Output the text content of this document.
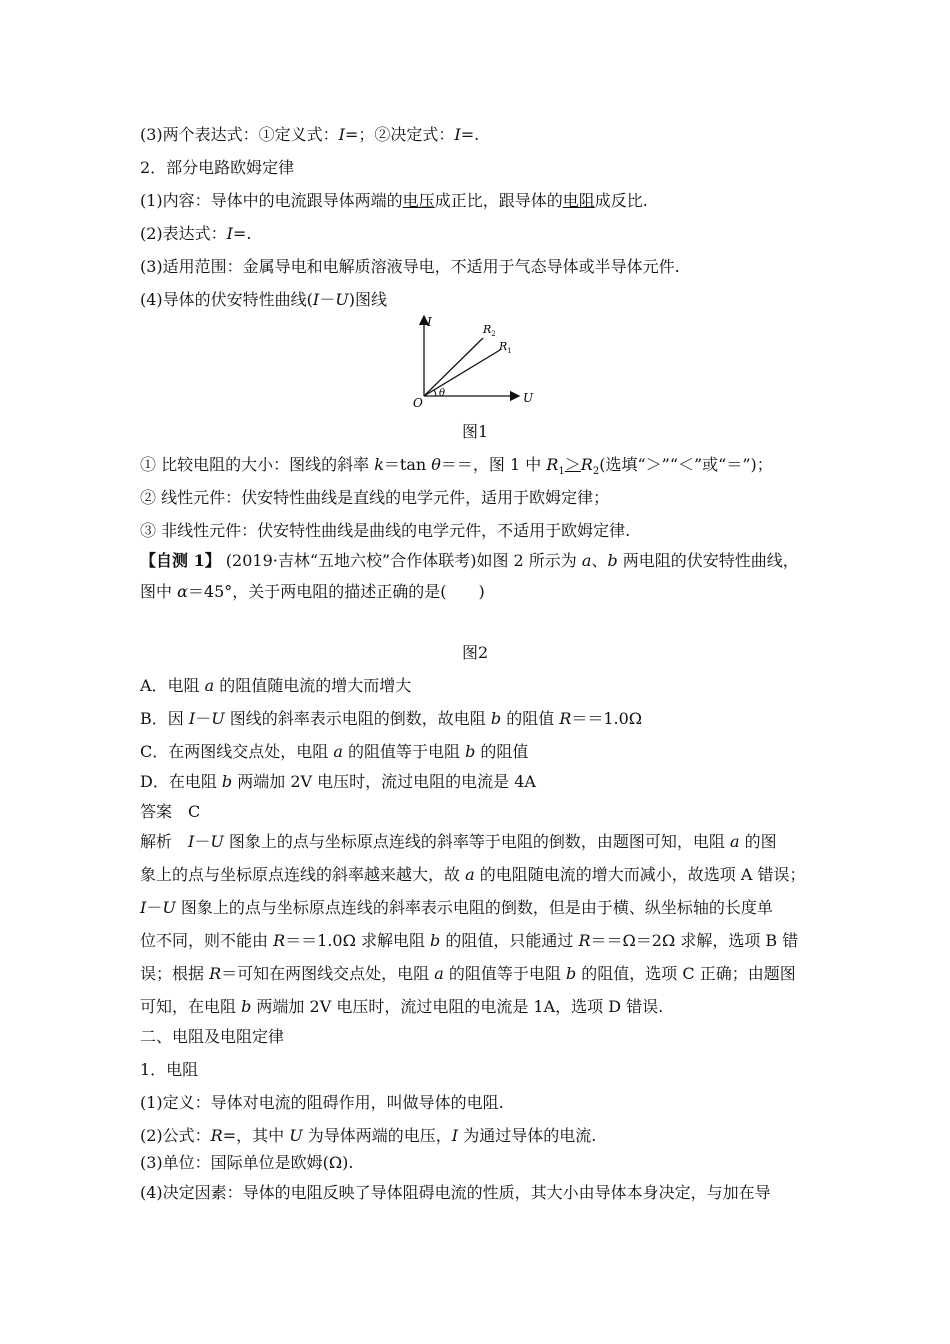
(3)两个表达式：①定义式：I=；②决定式：I=.
2．部分电路欧姆定律
(1)内容：导体中的电流跟导体两端的电压成正比，跟导体的电阻成反比.
(2)表达式：I=.
(3)适用范围：金属导电和电解质溶液导电，不适用于气态导体或半导体元件.
(4)导体的伏安特性曲线(I－U)图线
I
U
O
$R_2$
$R_1$
θ
图1
① 比较电阻的大小：图线的斜率 k＝tan θ＝＝，图 1 中 $R_1>R_2$(选填“＞”“＜”或“＝”)；
② 线性元件：伏安特性曲线是直线的电学元件，适用于欧姆定律；
③ 非线性元件：伏安特性曲线是曲线的电学元件，不适用于欧姆定律.
【自测 1】 (2019·吉林“五地六校”合作体联考)如图 2 所示为 a、b 两电阻的伏安特性曲线，
图中 α＝45°，关于两电阻的描述正确的是(　　)
图2
A．电阻 a 的阻值随电流的增大而增大
B．因 I－U 图线的斜率表示电阻的倒数，故电阻 b 的阻值 R＝＝1.0Ω
C．在两图线交点处，电阻 a 的阻值等于电阻 b 的阻值
D．在电阻 b 两端加 2V 电压时，流过电阻的电流是 4A
答案　C
解析　I－U 图象上的点与坐标原点连线的斜率等于电阻的倒数，由题图可知，电阻 a 的图
象上的点与坐标原点连线的斜率越来越大，故 a 的电阻随电流的增大而减小，故选项 A 错误；
I－U 图象上的点与坐标原点连线的斜率表示电阻的倒数，但是由于横、纵坐标轴的长度单
位不同，则不能由 R＝＝1.0Ω 求解电阻 b 的阻值，只能通过 R＝＝Ω＝2Ω 求解，选项 B 错
误；根据 R＝可知在两图线交点处，电阻 a 的阻值等于电阻 b 的阻值，选项 C 正确；由题图
可知，在电阻 b 两端加 2V 电压时，流过电阻的电流是 1A，选项 D 错误.
二、电阻及电阻定律
1．电阻
(1)定义：导体对电流的阻碍作用，叫做导体的电阻.
(2)公式：R=，其中 U 为导体两端的电压，I 为通过导体的电流.
(3)单位：国际单位是欧姆(Ω).
(4)决定因素：导体的电阻反映了导体阻碍电流的性质，其大小由导体本身决定，与加在导
